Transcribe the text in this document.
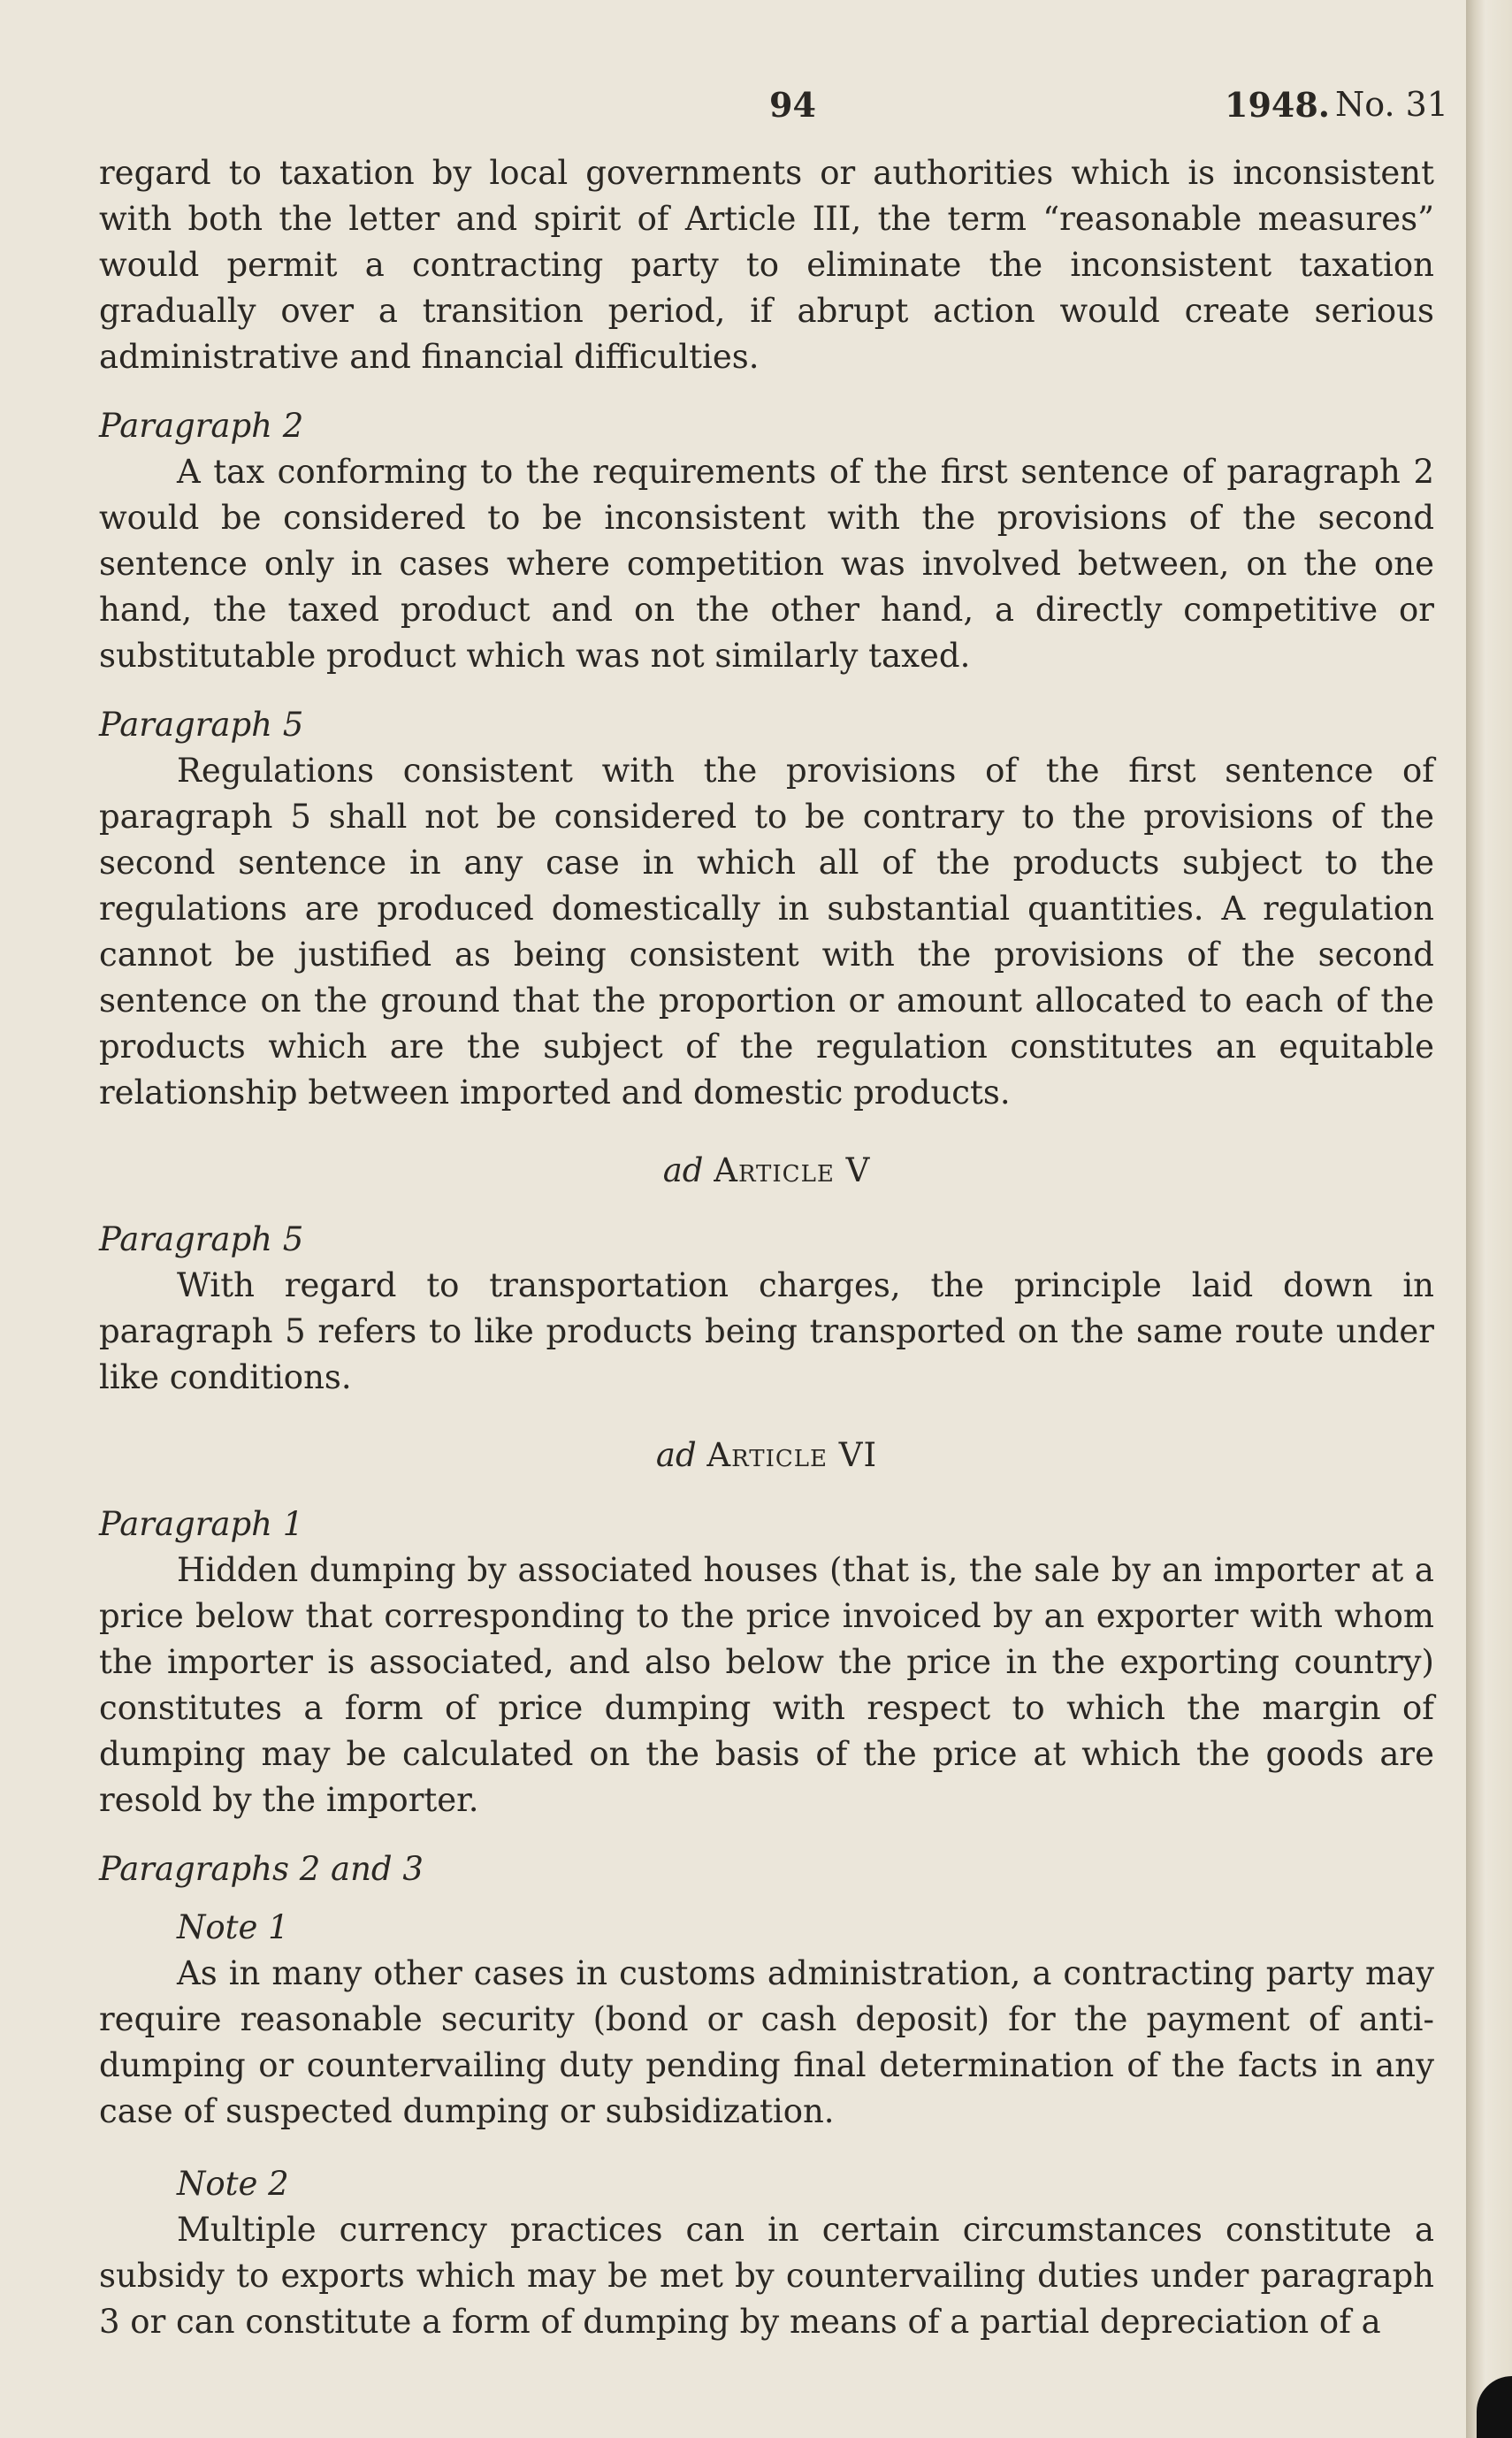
94	1948. No. 31

regard to taxation by local governments or authorities which is inconsistent with both the letter and spirit of Article III, the term “reasonable measures” would permit a contracting party to eliminate the inconsistent taxation gradually over a transition period, if abrupt action would create serious administrative and financial difficulties.

Paragraph 2

A tax conforming to the requirements of the first sentence of paragraph 2 would be considered to be inconsistent with the provisions of the second sentence only in cases where competition was involved between, on the one hand, the taxed product and on the other hand, a directly competitive or substitutable product which was not similarly taxed.

Paragraph 5

Regulations consistent with the provisions of the first sentence of paragraph 5 shall not be considered to be contrary to the provisions of the second sentence in any case in which all of the products subject to the regulations are produced domestically in substantial quantities. A regulation cannot be justified as being consistent with the provisions of the second sentence on the ground that the proportion or amount allocated to each of the products which are the subject of the regulation constitutes an equitable relationship between imported and domestic products.

ad Article V
Paragraph 5

With regard to transportation charges, the principle laid down in paragraph 5 refers to like products being transported on the same route under like conditions.

ad Article VI
Paragraph 1

Hidden dumping by associated houses (that is, the sale by an importer at a price below that corresponding to the price invoiced by an exporter with whom the importer is associated, and also below the price in the exporting country) constitutes a form of price dumping with respect to which the margin of dumping may be calculated on the basis of the price at which the goods are resold by the importer.

Paragraphs 2 and 3
Note 1

As in many other cases in customs administration, a contracting party may require reasonable security (bond or cash deposit) for the payment of anti-dumping or countervailing duty pending final determination of the facts in any case of suspected dumping or subsidization.

Note 2

Multiple currency practices can in certain circumstances constitute a subsidy to exports which may be met by countervailing duties under paragraph 3 or can constitute a form of dumping by means of a partial depreciation of a
